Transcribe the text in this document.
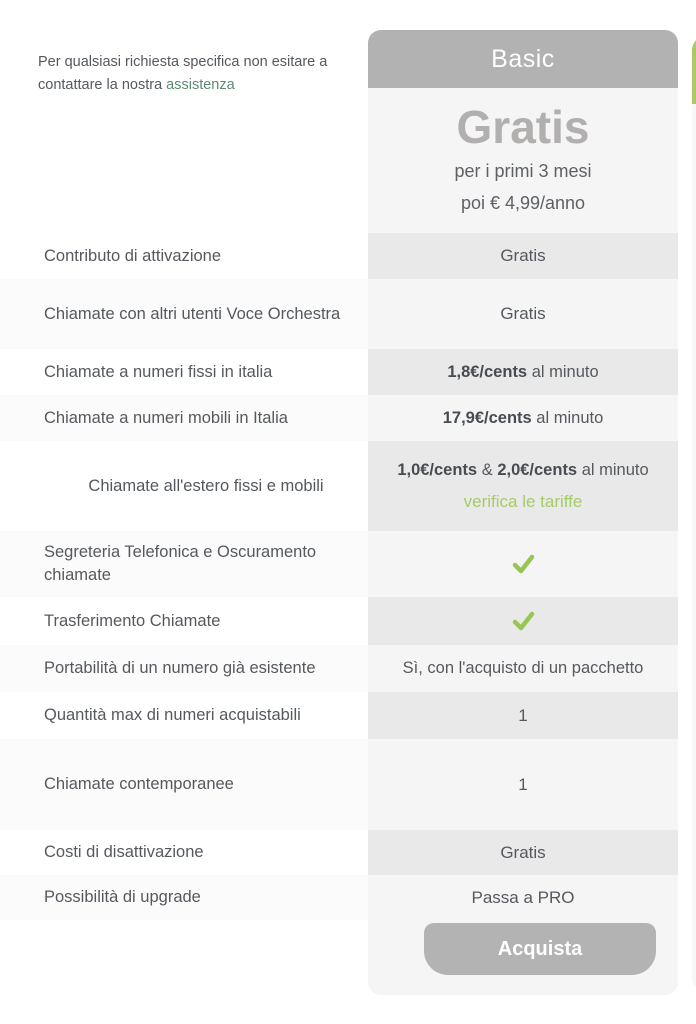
Per qualsiasi richiesta specifica non esitare a contattare la nostra assistenza

Contributo di attivazione
Chiamate con altri utenti Voce Orchestra
Chiamate a numeri fissi in italia
Chiamate a numeri mobili in Italia
Chiamate all'estero fissi e mobili
Segreteria Telefonica e Oscuramento chiamate
Trasferimento Chiamate
Portabilità di un numero già esistente
Quantità max di numeri acquistabili
Chiamate contemporanee
Costi di disattivazione
Possibilità di upgrade
Basic
Gratis
per i primi 3 mesi
poi € 4,99/anno
Gratis
Gratis
1,8€/cents al minuto
17,9€/cents al minuto
1,0€/cents & 2,0€/cents al minuto
verifica le tariffe
Sì, con l'acquisto di un pacchetto
1
1
Gratis
Passa a PRO
Acquista
